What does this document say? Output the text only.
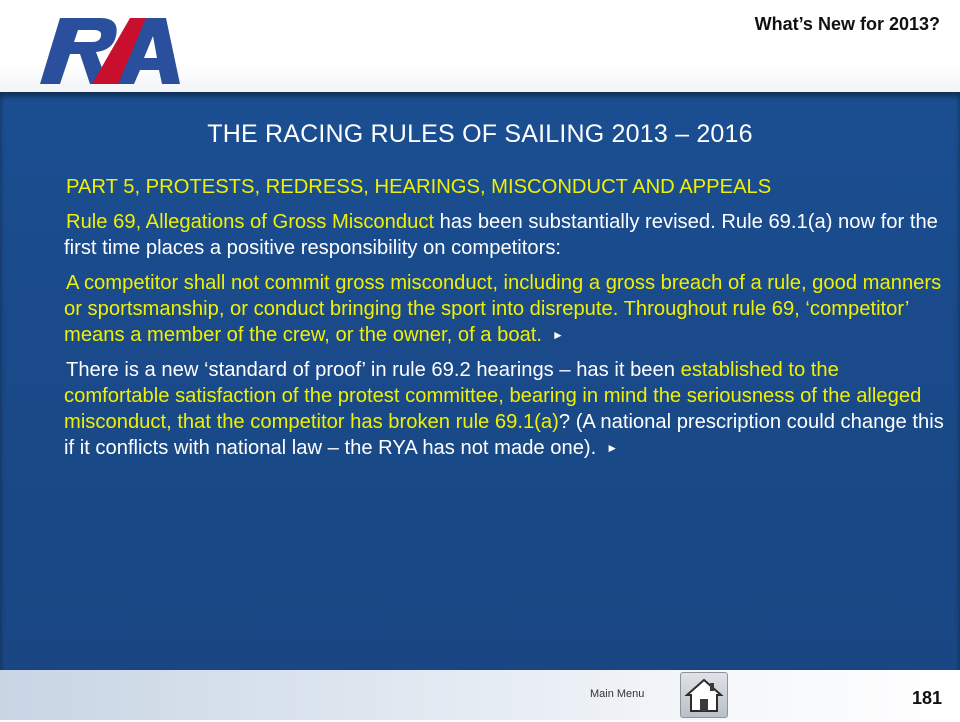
RYA
What’s New for 2013?
THE RACING RULES OF SAILING 2013 – 2016

PART 5, PROTESTS, REDRESS, HEARINGS, MISCONDUCT AND APPEALS

Rule 69, Allegations of Gross Misconduct has been substantially revised. Rule 69.1(a) now for the first time places a positive responsibility on competitors:

A competitor shall not commit gross misconduct, including a gross breach of a rule, good manners or sportsmanship, or conduct bringing the sport into disrepute. Throughout rule 69, ‘competitor’ means a member of the crew, or the owner, of a boat. ►

There is a new ‘standard of proof’ in rule 69.2 hearings – has it been established to the comfortable satisfaction of the protest committee, bearing in mind the seriousness of the alleged misconduct, that the competitor has broken rule 69.1(a)? (A national prescription could change this if it conflicts with national law – the RYA has not made one). ►

Main Menu	181
